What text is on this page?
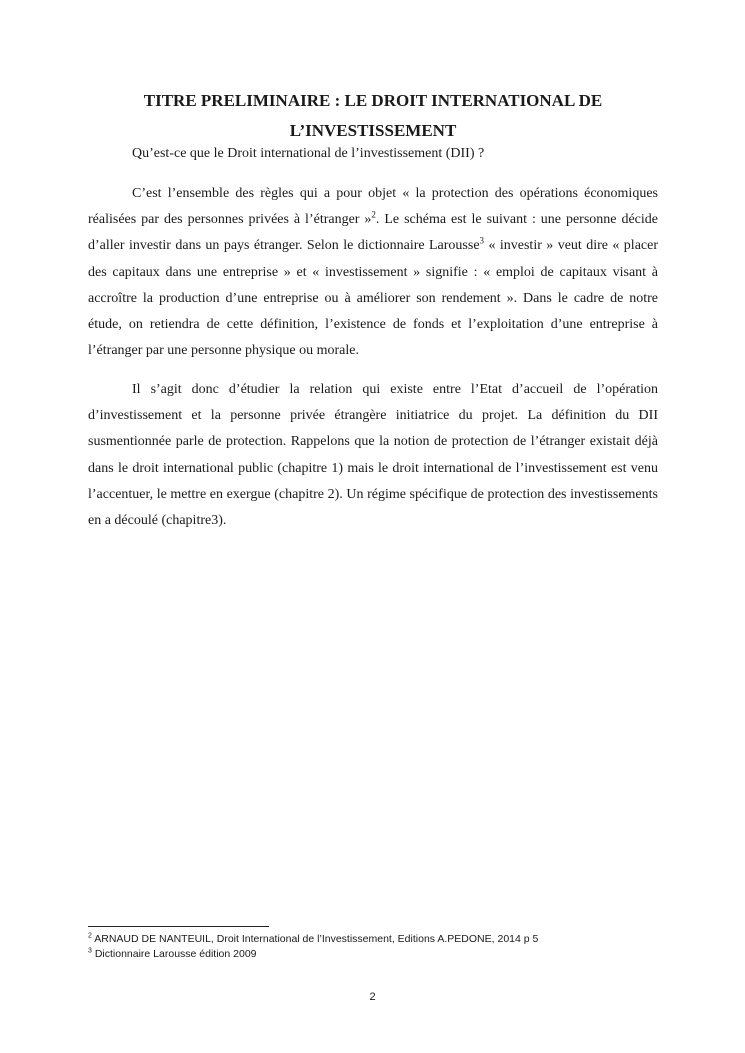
TITRE PRELIMINAIRE : LE DROIT INTERNATIONAL DE
L’INVESTISSEMENT

Qu’est-ce que le Droit international de l’investissement (DII) ?

C’est l’ensemble des règles qui a pour objet « la protection des opérations économiques réalisées par des personnes privées à l’étranger »$^2$. Le schéma est le suivant : une personne décide d’aller investir dans un pays étranger. Selon le dictionnaire Larousse$^3$ « investir » veut dire « placer des capitaux dans une entreprise » et « investissement » signifie : « emploi de capitaux visant à accroître la production d’une entreprise ou à améliorer son rendement ». Dans le cadre de notre étude, on retiendra de cette définition, l’existence de fonds et l’exploitation d’une entreprise à l’étranger par une personne physique ou morale.

Il s’agit donc d’étudier la relation qui existe entre l’Etat d’accueil de l’opération d’investissement et la personne privée étrangère initiatrice du projet. La définition du DII susmentionnée parle de protection. Rappelons que la notion de protection de l’étranger existait déjà dans le droit international public (chapitre 1) mais le droit international de l’investissement est venu l’accentuer, le mettre en exergue (chapitre 2). Un régime spécifique de protection des investissements en a découlé (chapitre3).

$^2$ ARNAUD DE NANTEUIL, Droit International de l’Investissement, Editions A.PEDONE, 2014 p 5

$^3$ Dictionnaire Larousse édition 2009

2
